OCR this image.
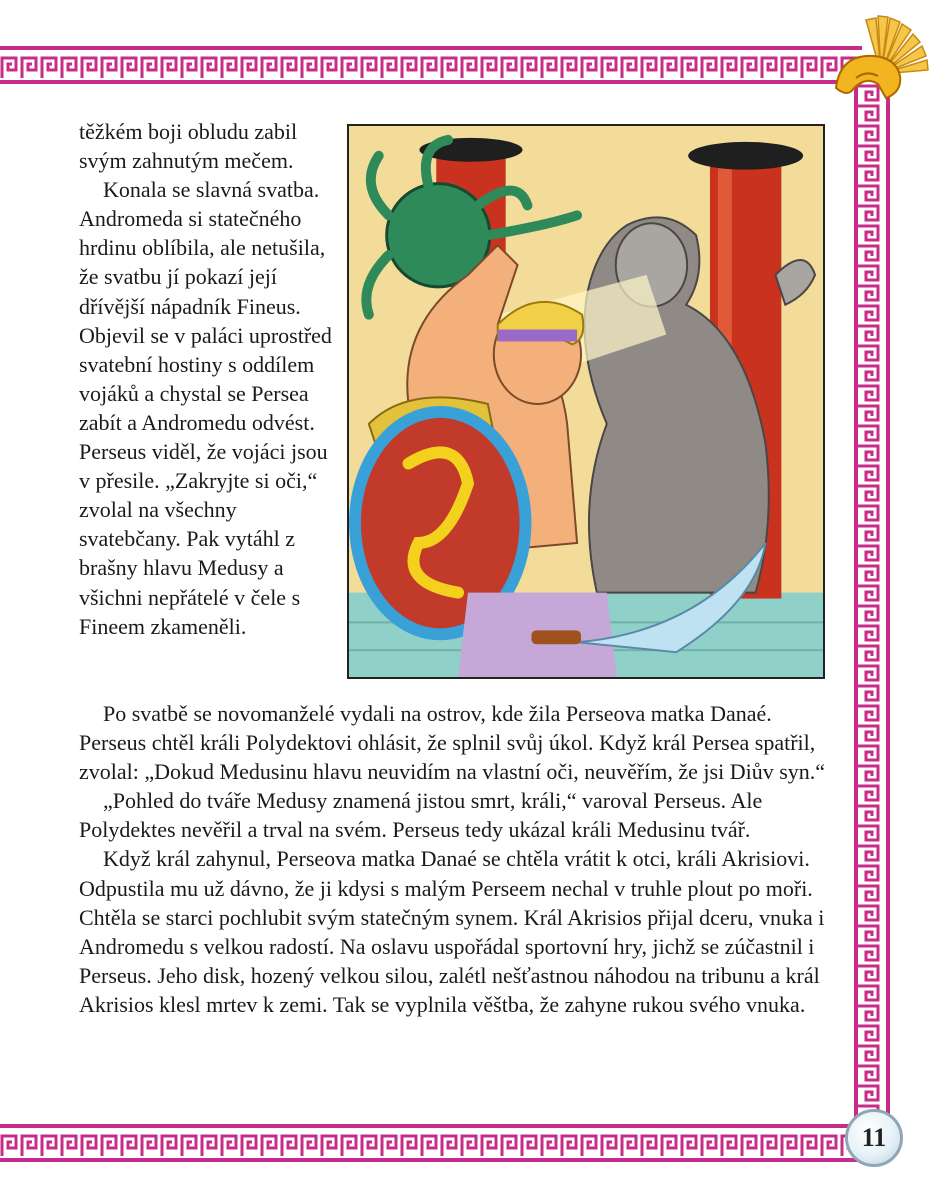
těžkém boji obludu zabil svým zahnutým mečem.

Konala se slavná svatba. Andromeda si statečného hrdinu oblíbila, ale netušila, že svatbu jí pokazí její dřívější nápadník Fineus. Objevil se v paláci uprostřed svatební hostiny s oddílem vojáků a chystal se Persea zabít a Andromedu odvést. Perseus viděl, že vojáci jsou v přesile. „Zakryjte si oči,“ zvolal na všechny svatebčany. Pak vytáhl z brašny hlavu Medusy a všichni nepřátelé v čele s Fineem zkameněli.

Po svatbě se novomanželé vydali na ostrov, kde žila Perseova matka Danaé. Perseus chtěl králi Polydektovi ohlásit, že splnil svůj úkol. Když král Persea spatřil, zvolal: „Dokud Medusinu hlavu neuvidím na vlastní oči, neuvěřím, že jsi Diův syn.“

„Pohled do tváře Medusy znamená jistou smrt, králi,“ varoval Perseus. Ale Polydektes nevěřil a trval na svém. Perseus tedy ukázal králi Medusinu tvář.

Když král zahynul, Perseova matka Danaé se chtěla vrátit k otci, králi Akrisiovi. Odpustila mu už dávno, že ji kdysi s malým Perseem nechal v truhle plout po moři. Chtěla se starci pochlubit svým statečným synem. Král Akrisios přijal dceru, vnuka i Andromedu s velkou radostí. Na oslavu uspořádal sportovní hry, jichž se zúčastnil i Perseus. Jeho disk, hozený velkou silou, zalétl nešťastnou náhodou na tribunu a král Akrisios klesl mrtev k zemi. Tak se vyplnila věštba, že zahyne rukou svého vnuka.

11
